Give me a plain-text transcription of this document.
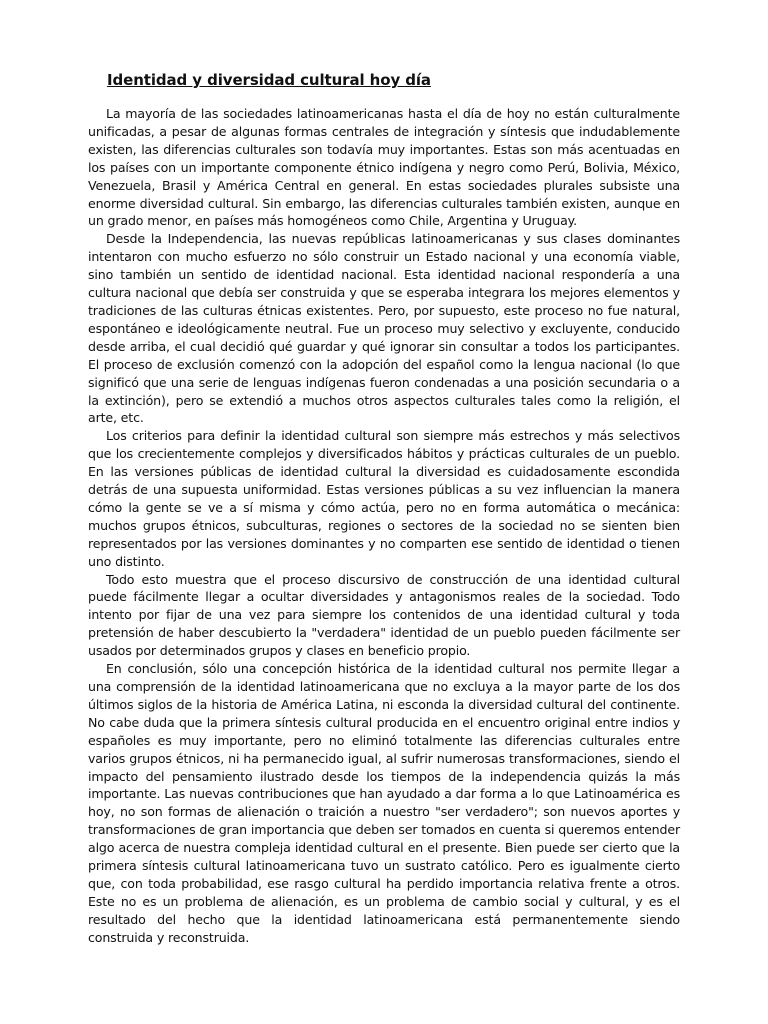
Identidad y diversidad cultural hoy día

La mayoría de las sociedades latinoamericanas hasta el día de hoy no están culturalmente unificadas, a pesar de algunas formas centrales de integración y síntesis que indudablemente existen, las diferencias culturales son todavía muy importantes. Estas son más acentuadas en los países con un importante componente étnico indígena y negro como Perú, Bolivia, México, Venezuela, Brasil y América Central en general. En estas sociedades plurales subsiste una enorme diversidad cultural. Sin embargo, las diferencias culturales también existen, aunque en un grado menor, en países más homogéneos como Chile, Argentina y Uruguay.

Desde la Independencia, las nuevas repúblicas latinoamericanas y sus clases dominantes intentaron con mucho esfuerzo no sólo construir un Estado nacional y una economía viable, sino también un sentido de identidad nacional. Esta identidad nacional respondería a una cultura nacional que debía ser construida y que se esperaba integrara los mejores elementos y tradiciones de las culturas étnicas existentes. Pero, por supuesto, este proceso no fue natural, espontáneo e ideológicamente neutral. Fue un proceso muy selectivo y excluyente, conducido desde arriba, el cual decidió qué guardar y qué ignorar sin consultar a todos los participantes. El proceso de exclusión comenzó con la adopción del español como la lengua nacional (lo que significó que una serie de lenguas indígenas fueron condenadas a una posición secundaria o a la extinción), pero se extendió a muchos otros aspectos culturales tales como la religión, el arte, etc.

Los criterios para definir la identidad cultural son siempre más estrechos y más selectivos que los crecientemente complejos y diversificados hábitos y prácticas culturales de un pueblo. En las versiones públicas de identidad cultural la diversidad es cuidadosamente escondida detrás de una supuesta uniformidad. Estas versiones públicas a su vez influencian la manera cómo la gente se ve a sí misma y cómo actúa, pero no en forma automática o mecánica: muchos grupos étnicos, subculturas, regiones o sectores de la sociedad no se sienten bien representados por las versiones dominantes y no comparten ese sentido de identidad o tienen uno distinto.

Todo esto muestra que el proceso discursivo de construcción de una identidad cultural puede fácilmente llegar a ocultar diversidades y antagonismos reales de la sociedad. Todo intento por fijar de una vez para siempre los contenidos de una identidad cultural y toda pretensión de haber descubierto la "verdadera" identidad de un pueblo pueden fácilmente ser usados por determinados grupos y clases en beneficio propio.

En conclusión, sólo una concepción histórica de la identidad cultural nos permite llegar a una comprensión de la identidad latinoamericana que no excluya a la mayor parte de los dos últimos siglos de la historia de América Latina, ni esconda la diversidad cultural del continente. No cabe duda que la primera síntesis cultural producida en el encuentro original entre indios y españoles es muy importante, pero no eliminó totalmente las diferencias culturales entre varios grupos étnicos, ni ha permanecido igual, al sufrir numerosas transformaciones, siendo el impacto del pensamiento ilustrado desde los tiempos de la independencia quizás la más importante. Las nuevas contribuciones que han ayudado a dar forma a lo que Latinoamérica es hoy, no son formas de alienación o traición a nuestro "ser verdadero"; son nuevos aportes y transformaciones de gran importancia que deben ser tomados en cuenta si queremos entender algo acerca de nuestra compleja identidad cultural en el presente. Bien puede ser cierto que la primera síntesis cultural latinoamericana tuvo un sustrato católico. Pero es igualmente cierto que, con toda probabilidad, ese rasgo cultural ha perdido importancia relativa frente a otros. Este no es un problema de alienación, es un problema de cambio social y cultural, y es el resultado del hecho que la identidad latinoamericana está permanentemente siendo construida y reconstruida.
